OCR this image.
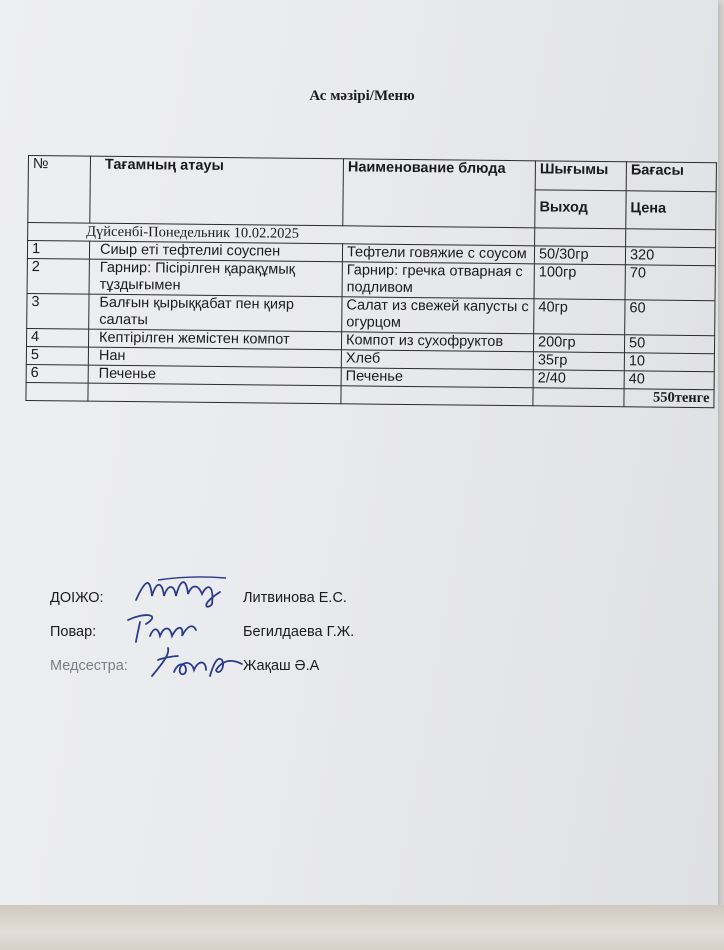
Ас мәзірі/Меню
№	Тағамның атауы	Наименование блюда	Шығымы	Бағасы
			Выход	Цена
Дүйсенбі-Понедельник 10.02.2025				
1	Сиыр еті тефтелиі соуспен	Тефтели говяжие с соусом	50/30гр	320
2	Гарнир: Пісірілген қарақұмық тұздығымен	Гарнир: гречка отварная с подливом	100гр	70
3	Балғын қырыққабат пен қияр салаты	Салат из свежей капусты с огурцом	40гр	60
4	Кептірілген жемістен компот	Компот из сухофруктов	200гр	50
5	Нан	Хлеб	35гр	10
6	Печенье	Печенье	2/40	40
				550тенге
ДОІЖО:	Литвинова Е.С.
Повар:	Бегилдаева Г.Ж.
Медсестра:	Жақаш Ә.А
